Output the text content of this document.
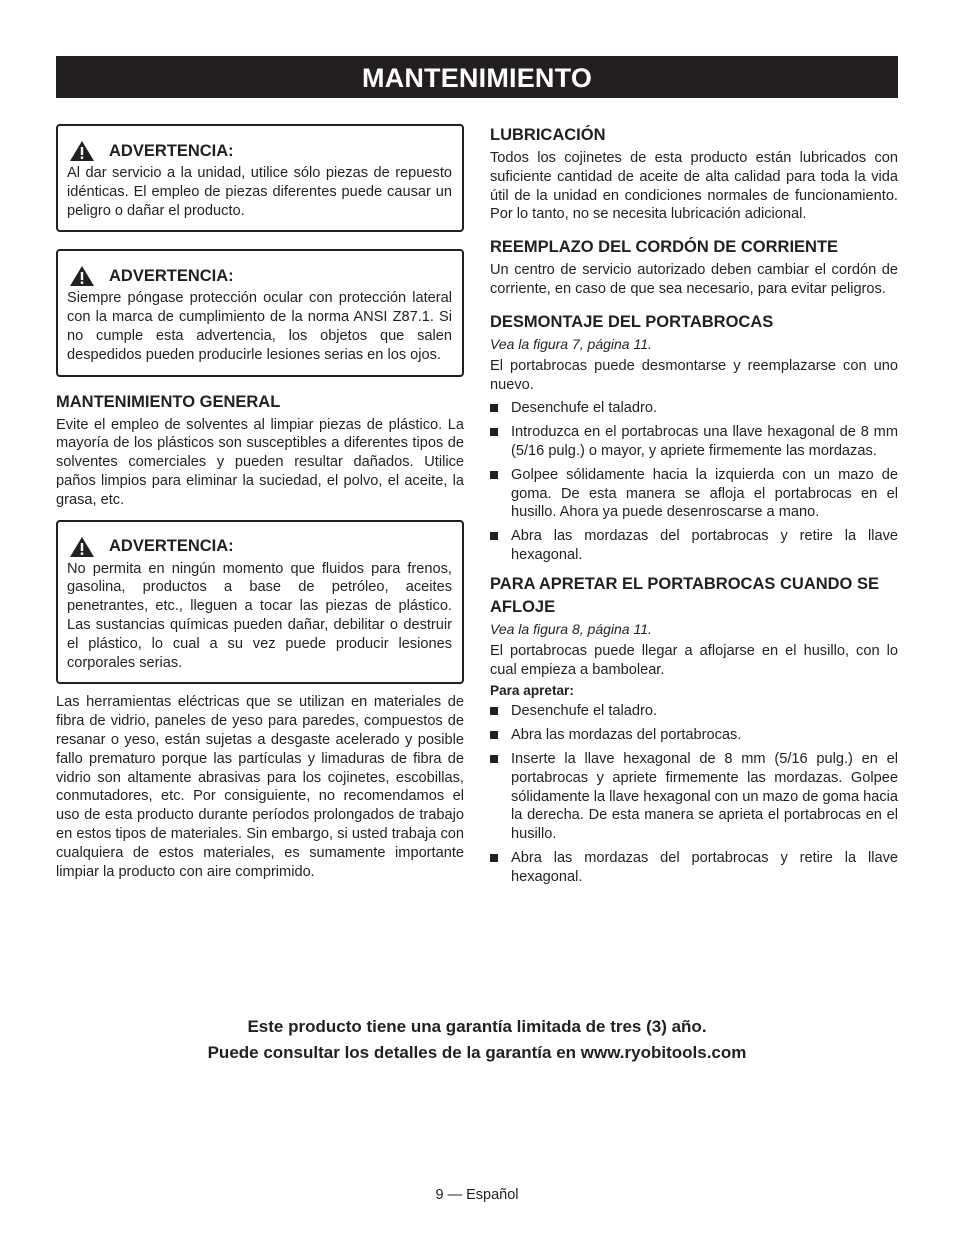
MANTENIMIENTO
ADVERTENCIA:

Al dar servicio a la unidad, utilice sólo piezas de repuesto idénticas. El empleo de piezas diferentes puede causar un peligro o dañar el producto.

ADVERTENCIA:

Siempre póngase protección ocular con protección lateral con la marca de cumplimiento de la norma ANSI Z87.1. Si no cumple esta advertencia, los objetos que salen despedidos pueden producirle lesiones serias en los ojos.

MANTENIMIENTO GENERAL

Evite el empleo de solventes al limpiar piezas de plástico. La mayoría de los plásticos son susceptibles a diferentes tipos de solventes comerciales y pueden resultar dañados. Utilice paños limpios para eliminar la suciedad, el polvo, el aceite, la grasa, etc.

ADVERTENCIA:

No permita en ningún momento que fluidos para frenos, gasolina, productos a base de petróleo, aceites penetrantes, etc., lleguen a tocar las piezas de plástico. Las sustancias químicas pueden dañar, debilitar o destruir el plástico, lo cual a su vez puede producir lesiones corporales serias.

Las herramientas eléctricas que se utilizan en materiales de fibra de vidrio, paneles de yeso para paredes, compuestos de resanar o yeso, están sujetas a desgaste acelerado y posible fallo prematuro porque las partículas y limaduras de fibra de vidrio son altamente abrasivas para los cojinetes, escobillas, conmutadores, etc. Por consiguiente, no recomendamos el uso de esta producto durante períodos prolongados de trabajo en estos tipos de materiales. Sin embargo, si usted trabaja con cualquiera de estos materiales, es sumamente importante limpiar la producto con aire comprimido.

LUBRICACIÓN

Todos los cojinetes de esta producto están lubricados con suficiente cantidad de aceite de alta calidad para toda la vida útil de la unidad en condiciones normales de funcionamiento. Por lo tanto, no se necesita lubricación adicional.

REEMPLAZO DEL CORDÓN DE CORRIENTE

Un centro de servicio autorizado deben cambiar el cordón de corriente, en caso de que sea necesario, para evitar peligros.

DESMONTAJE DEL PORTABROCAS
Vea la figura 7, página 11.

El portabrocas puede desmontarse y reemplazarse con uno nuevo.

Desenchufe el taladro.
Introduzca en el portabrocas una llave hexagonal de 8 mm (5/16 pulg.) o mayor, y apriete firmemente las mordazas.
Golpee sólidamente hacia la izquierda con un mazo de goma. De esta manera se afloja el portabrocas en el husillo. Ahora ya puede desenroscarse a mano.
Abra las mordazas del portabrocas y retire la llave hexagonal.
PARA APRETAR EL PORTABROCAS CUANDO SE AFLOJE
Vea la figura 8, página 11.

El portabrocas puede llegar a aflojarse en el husillo, con lo cual empieza a bambolear.

Para apretar:
Desenchufe el taladro.
Abra las mordazas del portabrocas.
Inserte la llave hexagonal de 8 mm (5/16 pulg.) en el portabrocas y apriete firmemente las mordazas. Golpee sólidamente la llave hexagonal con un mazo de goma hacia la derecha. De esta manera se aprieta el portabrocas en el husillo.
Abra las mordazas del portabrocas y retire la llave hexagonal.
Este producto tiene una garantía limitada de tres (3) año.
Puede consultar los detalles de la garantía en www.ryobitools.com
9 — Español
